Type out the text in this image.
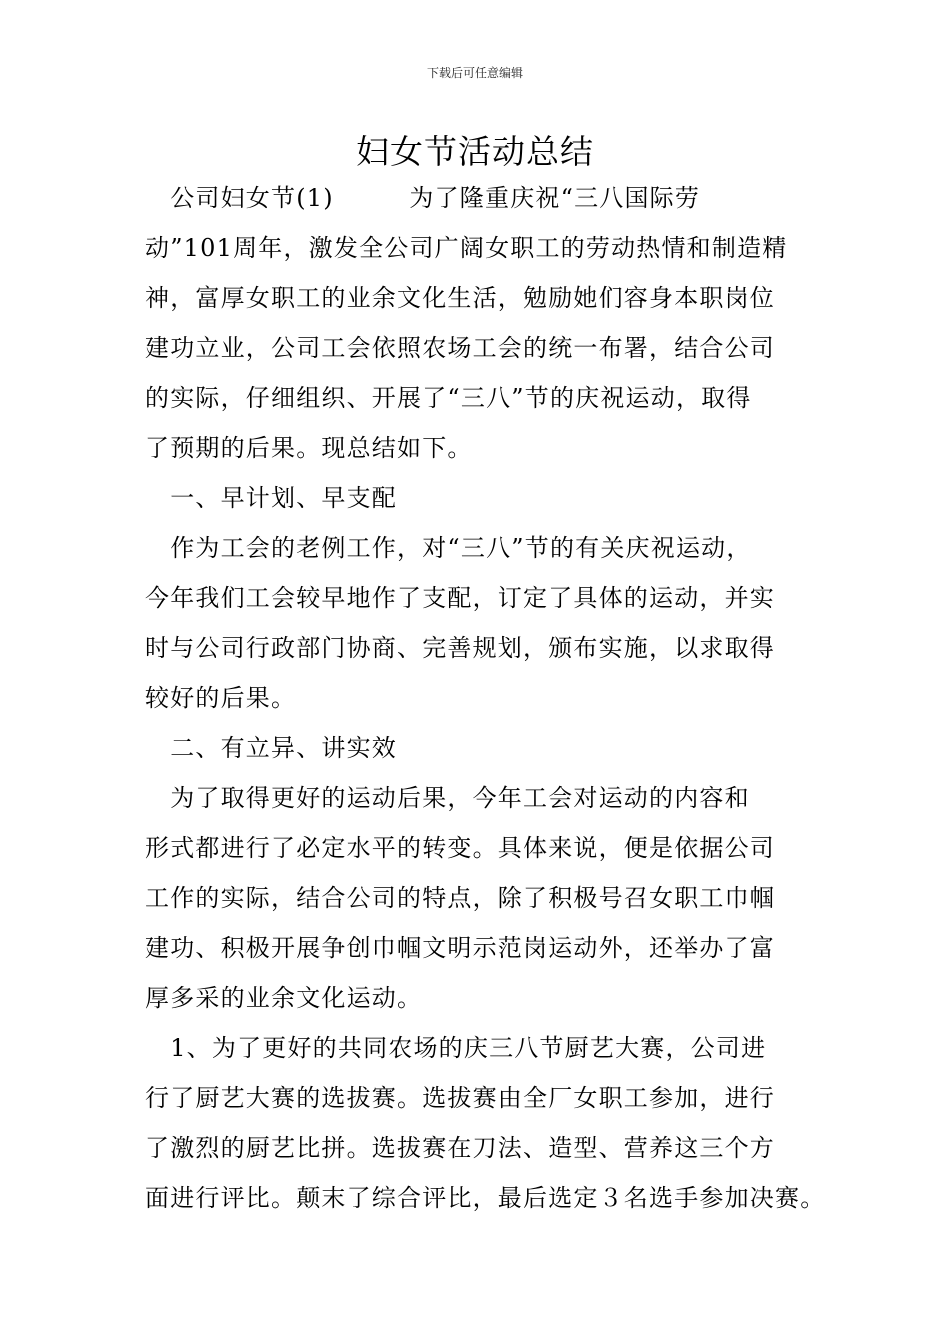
下载后可任意编辑
妇女节活动总结
　公司妇女节(1)　　　为了隆重庆祝“三八国际劳
动”101周年，激发全公司广阔女职工的劳动热情和制造精
神，富厚女职工的业余文化生活，勉励她们容身本职岗位
建功立业，公司工会依照农场工会的统一布署，结合公司
的实际，仔细组织、开展了“三八”节的庆祝运动，取得
了预期的后果。现总结如下。
　一、早计划、早支配
　作为工会的老例工作，对“三八”节的有关庆祝运动，
今年我们工会较早地作了支配，订定了具体的运动，并实
时与公司行政部门协商、完善规划，颁布实施，以求取得
较好的后果。
　二、有立异、讲实效
　为了取得更好的运动后果，今年工会对运动的内容和
形式都进行了必定水平的转变。具体来说，便是依据公司
工作的实际，结合公司的特点，除了积极号召女职工巾帼
建功、积极开展争创巾帼文明示范岗运动外，还举办了富
厚多采的业余文化运动。
　1、为了更好的共同农场的庆三八节厨艺大赛，公司进
行了厨艺大赛的选拔赛。选拔赛由全厂女职工参加，进行
了激烈的厨艺比拼。选拔赛在刀法、造型、营养这三个方
面进行评比。颠末了综合评比，最后选定３名选手参加决赛。
